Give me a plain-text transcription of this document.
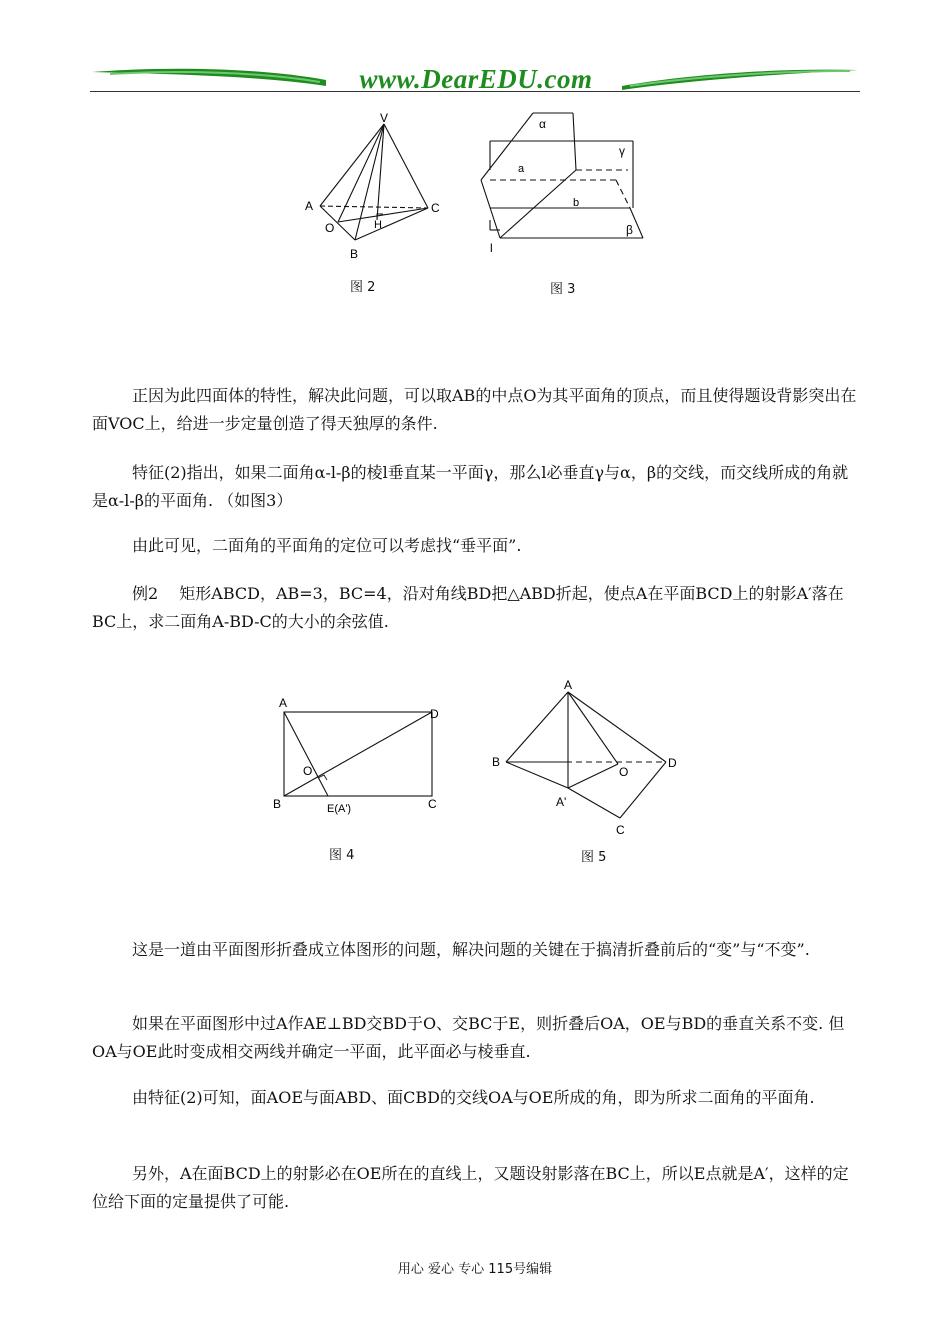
www.DearEDU.com
V
A	C
O	H
B
图 2
α
γ
a
b
β
l
图 3

正因为此四面体的特性，解决此问题，可以取AB的中点O为其平面角的顶点，而且使得题设背影突出在面VOC上，给进一步定量创造了得天独厚的条件.

特征(2)指出，如果二面角α-l-β的棱l垂直某一平面γ，那么l必垂直γ与α，β的交线，而交线所成的角就是α-l-β的平面角. （如图3）

由此可见，二面角的平面角的定位可以考虑找“垂平面”.

例2　 矩形ABCD，AB=3，BC=4，沿对角线BD把△ABD折起，使点A在平面BCD上的射影A′落在BC上，求二面角A-BD-C的大小的余弦值.

A
D
O
B	E(A')	C
图 4
A
B
O
D
A'
C
图 5

这是一道由平面图形折叠成立体图形的问题，解决问题的关键在于搞清折叠前后的“变”与“不变”.

如果在平面图形中过A作AE⊥BD交BD于O、交BC于E，则折叠后OA，OE与BD的垂直关系不变. 但OA与OE此时变成相交两线并确定一平面，此平面必与棱垂直.

由特征(2)可知，面AOE与面ABD、面CBD的交线OA与OE所成的角，即为所求二面角的平面角.

另外，A在面BCD上的射影必在OE所在的直线上，又题设射影落在BC上，所以E点就是A′，这样的定位给下面的定量提供了可能.

用心 爱心 专心 115号编辑
